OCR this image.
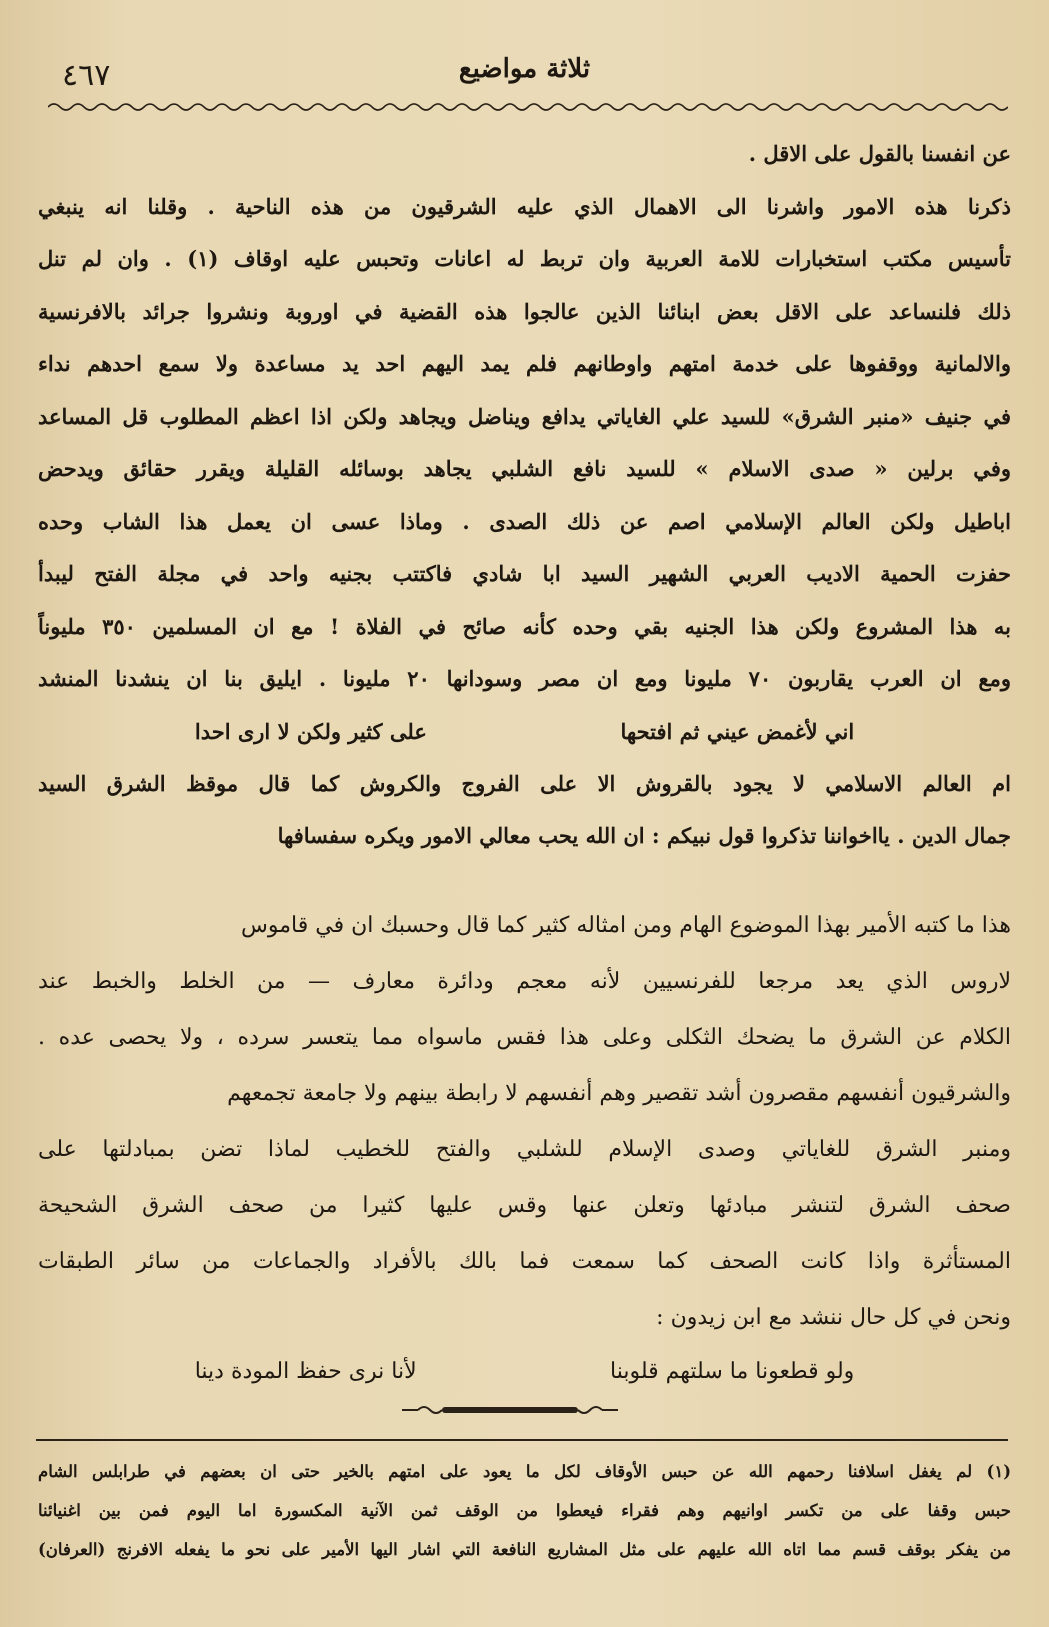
ثلاثة مواضيع
٤٦٧
عن انفسنا بالقول على الاقل .
ذكرنا هذه الامور واشرنا الى الاهمال الذي عليه الشرقيون من هذه الناحية . وقلنا انه ينبغي
تأسيس مكتب استخبارات للامة العربية وان تربط له اعانات وتحبس عليه اوقاف (١) . وان لم تنل
ذلك فلنساعد على الاقل بعض ابنائنا الذين عالجوا هذه القضية في اوروبة ونشروا جرائد بالافرنسية
والالمانية ووقفوها على خدمة امتهم واوطانهم فلم يمد اليهم احد يد مساعدة ولا سمع احدهم نداء
في جنيف «منبر الشرق» للسيد علي الغاياتي يدافع ويناضل ويجاهد ولكن اذا اعظم المطلوب قل المساعد
وفي برلين « صدى الاسلام » للسيد نافع الشلبي يجاهد بوسائله القليلة ويقرر حقائق ويدحض
اباطيل ولكن العالم الإسلامي اصم عن ذلك الصدى . وماذا عسى ان يعمل هذا الشاب وحده
حفزت الحمية الاديب العربي الشهير السيد ابا شادي فاكتتب بجنيه واحد في مجلة الفتح ليبدأ
به هذا المشروع ولكن هذا الجنيه بقي وحده كأنه صائح في الفلاة ! مع ان المسلمين ٣٥٠ مليوناً
ومع ان العرب يقاربون ٧٠ مليونا ومع ان مصر وسودانها ٢٠ مليونا . ايليق بنا ان ينشدنا المنشد
اني لأغمض عيني ثم افتحها
على كثير ولكن لا ارى احدا
ام العالم الاسلامي لا يجود بالقروش الا على الفروج والكروش كما قال موقظ الشرق السيد
جمال الدين . يااخواننا تذكروا قول نبيكم : ان الله يحب معالي الامور ويكره سفسافها
هذا ما كتبه الأمير بهذا الموضوع الهام ومن امثاله كثير كما قال وحسبك ان في قاموس
لاروس الذي يعد مرجعا للفرنسيين لأنه معجم ودائرة معارف — من الخلط والخبط عند
الكلام عن الشرق ما يضحك الثكلى وعلى هذا فقس ماسواه مما يتعسر سرده ، ولا يحصى عده .
والشرقيون أنفسهم مقصرون أشد تقصير وهم أنفسهم لا رابطة بينهم ولا جامعة تجمعهم
ومنبر الشرق للغاياتي وصدى الإسلام للشلبي والفتح للخطيب لماذا تضن بمبادلتها على
صحف الشرق لتنشر مبادئها وتعلن عنها وقس عليها كثيرا من صحف الشرق الشحيحة
المستأثرة واذا كانت الصحف كما سمعت فما بالك بالأفراد والجماعات من سائر الطبقات
ونحن في كل حال ننشد مع ابن زيدون :
ولو قطعونا ما سلتهم قلوبنا
لأنا نرى حفظ المودة دينا
(١) لم يغفل اسلافنا رحمهم الله عن حبس الأوقاف لكل ما يعود على امتهم بالخير حتى ان بعضهم في طرابلس الشام
حبس وقفا على من تكسر اوانيهم وهم فقراء فيعطوا من الوقف ثمن الآنية المكسورة اما اليوم فمن بين اغنيائنا
من يفكر بوقف قسم مما اتاه الله عليهم على مثل المشاريع النافعة التي اشار اليها الأمير على نحو ما يفعله الافرنج (العرفان)
